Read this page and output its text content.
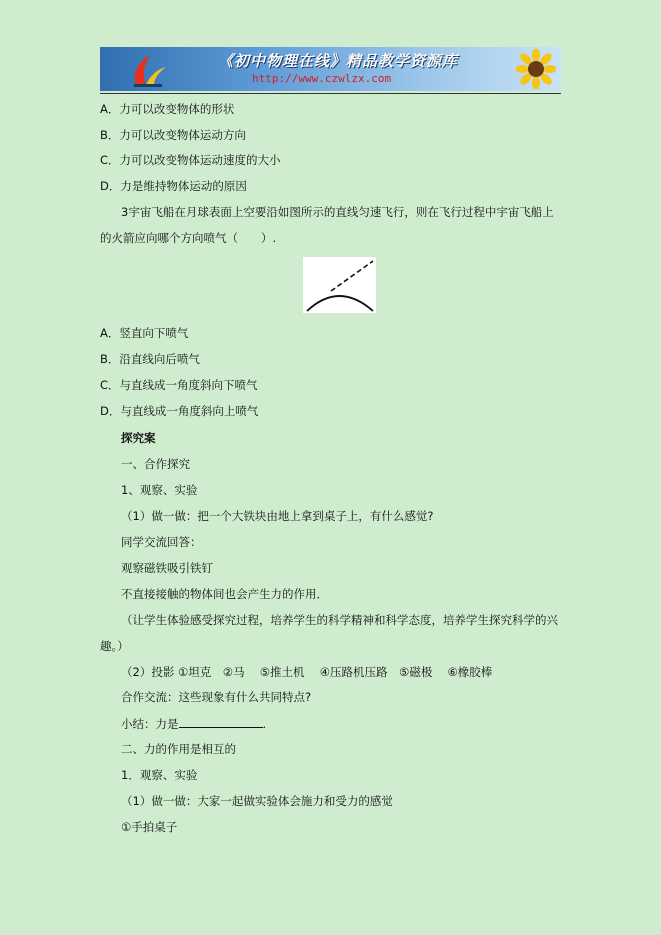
《初中物理在线》精品教学资源库
http://www.czwlzx.com
A．力可以改变物体的形状
B．力可以改变物体运动方向
C．力可以改变物体运动速度的大小
D．力是维持物体运动的原因
3宇宙飞船在月球表面上空要沿如图所示的直线匀速飞行，则在飞行过程中宇宙飞船上
的火箭应向哪个方向喷气（　　）.
A．竖直向下喷气
B．沿直线向后喷气
C．与直线成一角度斜向下喷气
D．与直线成一角度斜向上喷气
探究案
一、合作探究
1、观察、实验
（1）做一做：把一个大铁块由地上拿到桌子上，有什么感觉?
同学交流回答：
观察磁铁吸引铁钉
不直接接触的物体间也会产生力的作用．
（让学生体验感受探究过程，培养学生的科学精神和科学态度，培养学生探究科学的兴
趣。）
（2）投影 ①坦克　②马　 ⑤推土机　 ④压路机压路　⑤磁极　 ⑥橡胶棒
合作交流：这些现象有什么共同特点?
小结：力是	.
二、力的作用是相互的
1．观察、实验
（1）做一做：大家一起做实验体会施力和受力的感觉
①手拍桌子
